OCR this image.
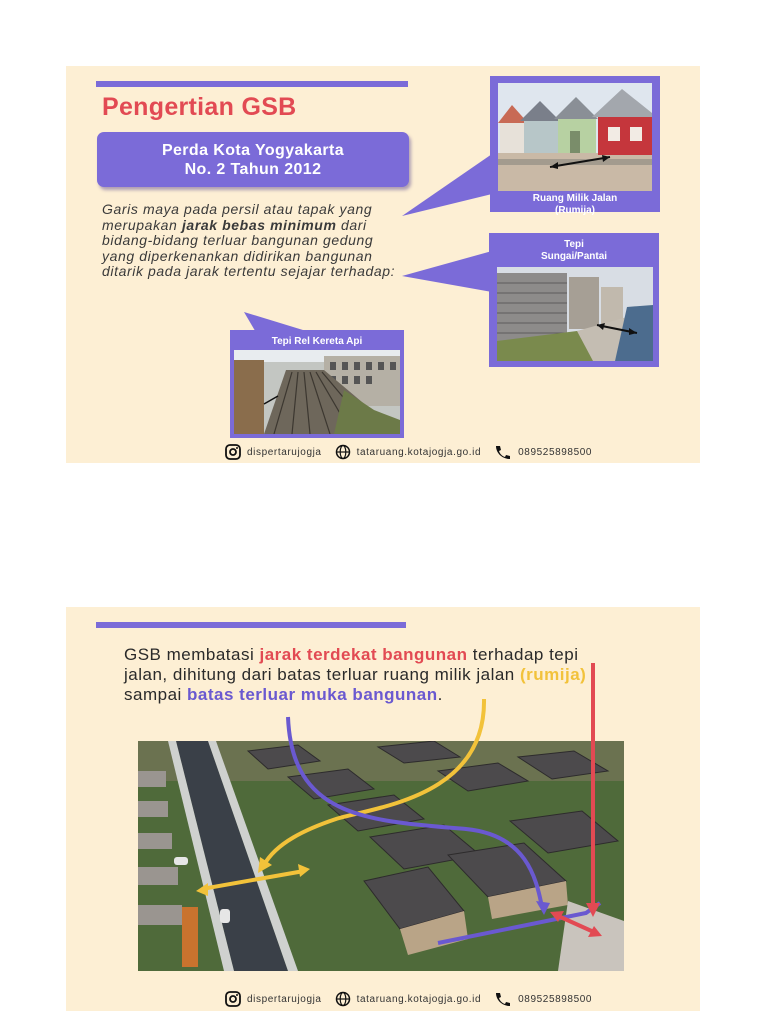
Pengertian GSB
Perda Kota Yogyakarta
No. 2 Tahun 2012

Garis maya pada persil atau tapak yang merupakan jarak bebas minimum dari bidang-bidang terluar bangunan gedung yang diperkenankan didirikan bangunan ditarik pada jarak tertentu sejajar terhadap:

Ruang Milik Jalan
(Rumija)
Tepi
Sungai/Pantai
Tepi Rel Kereta Api
dispertarujogja	tataruang.kotajogja.go.id	089525898500

GSB membatasi jarak terdekat bangunan terhadap tepi jalan, dihitung dari batas terluar ruang milik jalan (rumija) sampai batas terluar muka bangunan.

dispertarujogja	tataruang.kotajogja.go.id	089525898500
